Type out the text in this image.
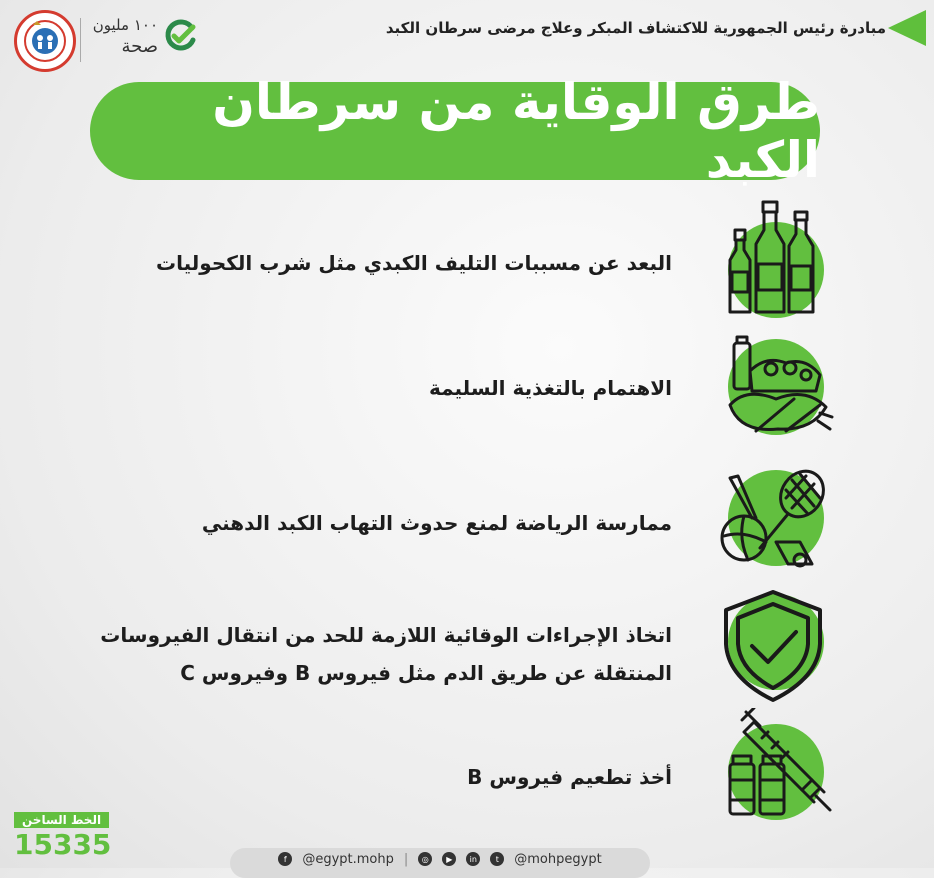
مبادرة رئيس الجمهورية للاكتشاف المبكر وعلاج مرضى سرطان الكبد
١٠٠ مليون
صحة
طرق الوقاية من سرطان الكبد
البعد عن مسببات التليف الكبدي مثل شرب الكحوليات
الاهتمام بالتغذية السليمة
ممارسة الرياضة لمنع حدوث التهاب الكبد الدهني
اتخاذ الإجراءات الوقائية اللازمة للحد من انتقال الفيروسات
المنتقلة عن طريق الدم مثل فيروس B وفيروس C
أخذ تطعيم فيروس B
الخط الساخن
15335	f	@egypt.mohp |	◎	▶	in	t	@mohpegypt
